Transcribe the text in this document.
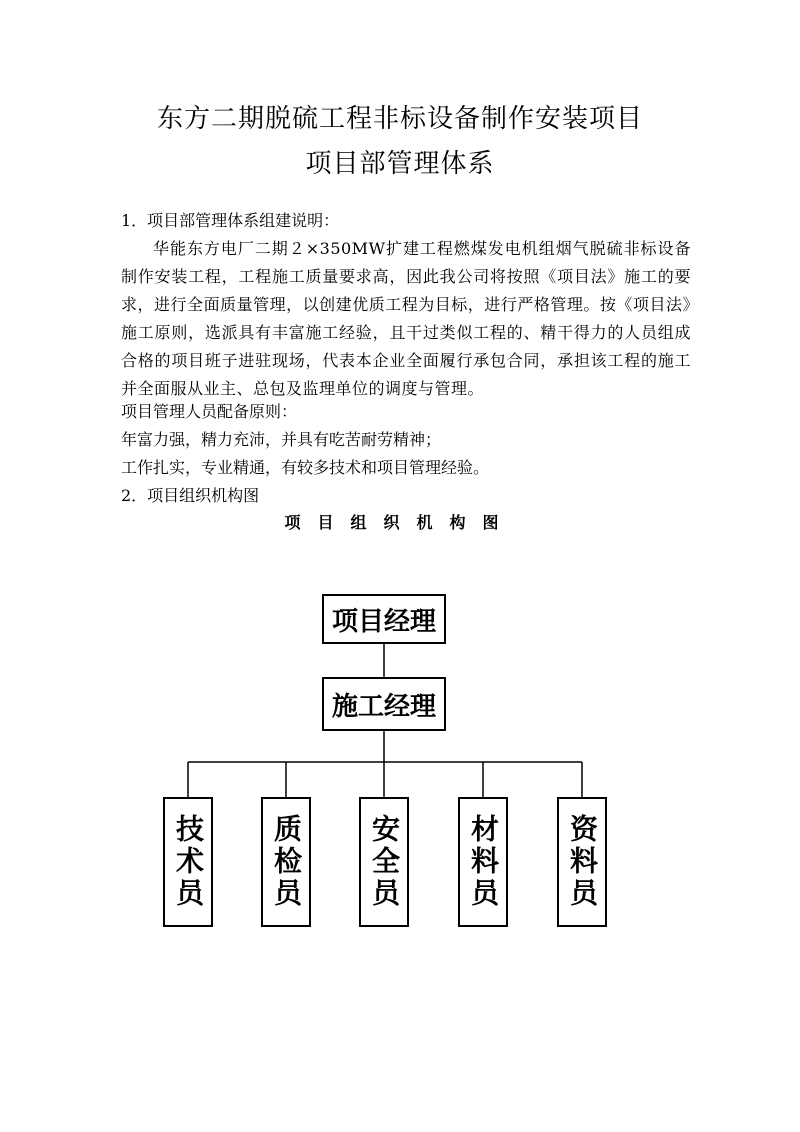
东方二期脱硫工程非标设备制作安装项目
项目部管理体系

1．项目部管理体系组建说明：

华能东方电厂二期２×350MW扩建工程燃煤发电机组烟气脱硫非标设备制作安装工程，工程施工质量要求高，因此我公司将按照《项目法》施工的要求，进行全面质量管理，以创建优质工程为目标，进行严格管理。按《项目法》施工原则，选派具有丰富施工经验，且干过类似工程的、精干得力的人员组成合格的项目班子进驻现场，代表本企业全面履行承包合同，承担该工程的施工并全面服从业主、总包及监理单位的调度与管理。

项目管理人员配备原则：

年富力强，精力充沛，并具有吃苦耐劳精神；

工作扎实，专业精通，有较多技术和项目管理经验。

2．项目组织机构图

项目组织机构图

项目经理
施工经理
技术员	质检员	安全员	材料员	资料员
